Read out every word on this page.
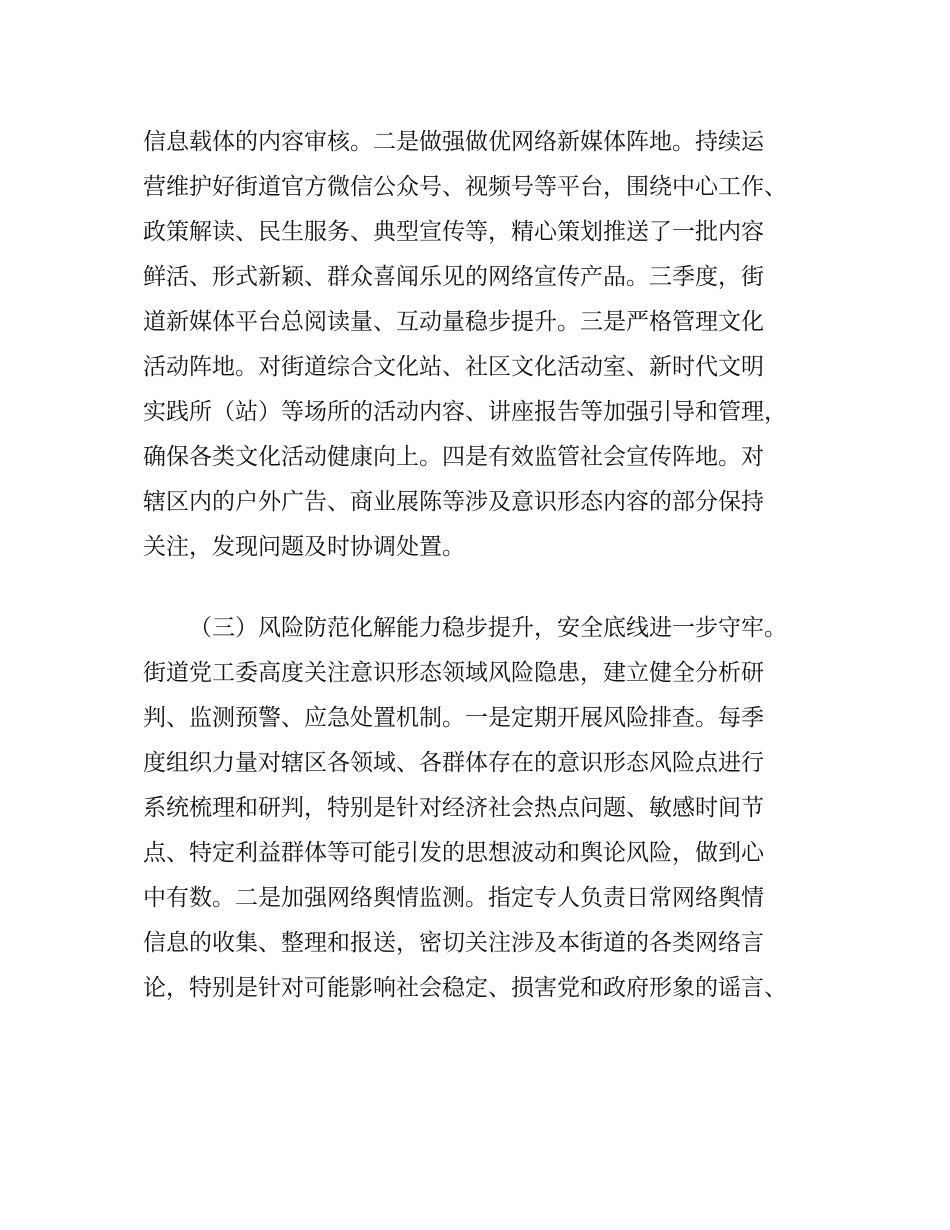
信息载体的内容审核。二是做强做优网络新媒体阵地。持续运
营维护好街道官方微信公众号、视频号等平台，围绕中心工作、
政策解读、民生服务、典型宣传等，精心策划推送了一批内容
鲜活、形式新颖、群众喜闻乐见的网络宣传产品。三季度，街
道新媒体平台总阅读量、互动量稳步提升。三是严格管理文化
活动阵地。对街道综合文化站、社区文化活动室、新时代文明
实践所（站）等场所的活动内容、讲座报告等加强引导和管理，
确保各类文化活动健康向上。四是有效监管社会宣传阵地。对
辖区内的户外广告、商业展陈等涉及意识形态内容的部分保持
关注，发现问题及时协调处置。
（三）风险防范化解能力稳步提升，安全底线进一步守牢。
街道党工委高度关注意识形态领域风险隐患，建立健全分析研
判、监测预警、应急处置机制。一是定期开展风险排查。每季
度组织力量对辖区各领域、各群体存在的意识形态风险点进行
系统梳理和研判，特别是针对经济社会热点问题、敏感时间节
点、特定利益群体等可能引发的思想波动和舆论风险，做到心
中有数。二是加强网络舆情监测。指定专人负责日常网络舆情
信息的收集、整理和报送，密切关注涉及本街道的各类网络言
论，特别是针对可能影响社会稳定、损害党和政府形象的谣言、
